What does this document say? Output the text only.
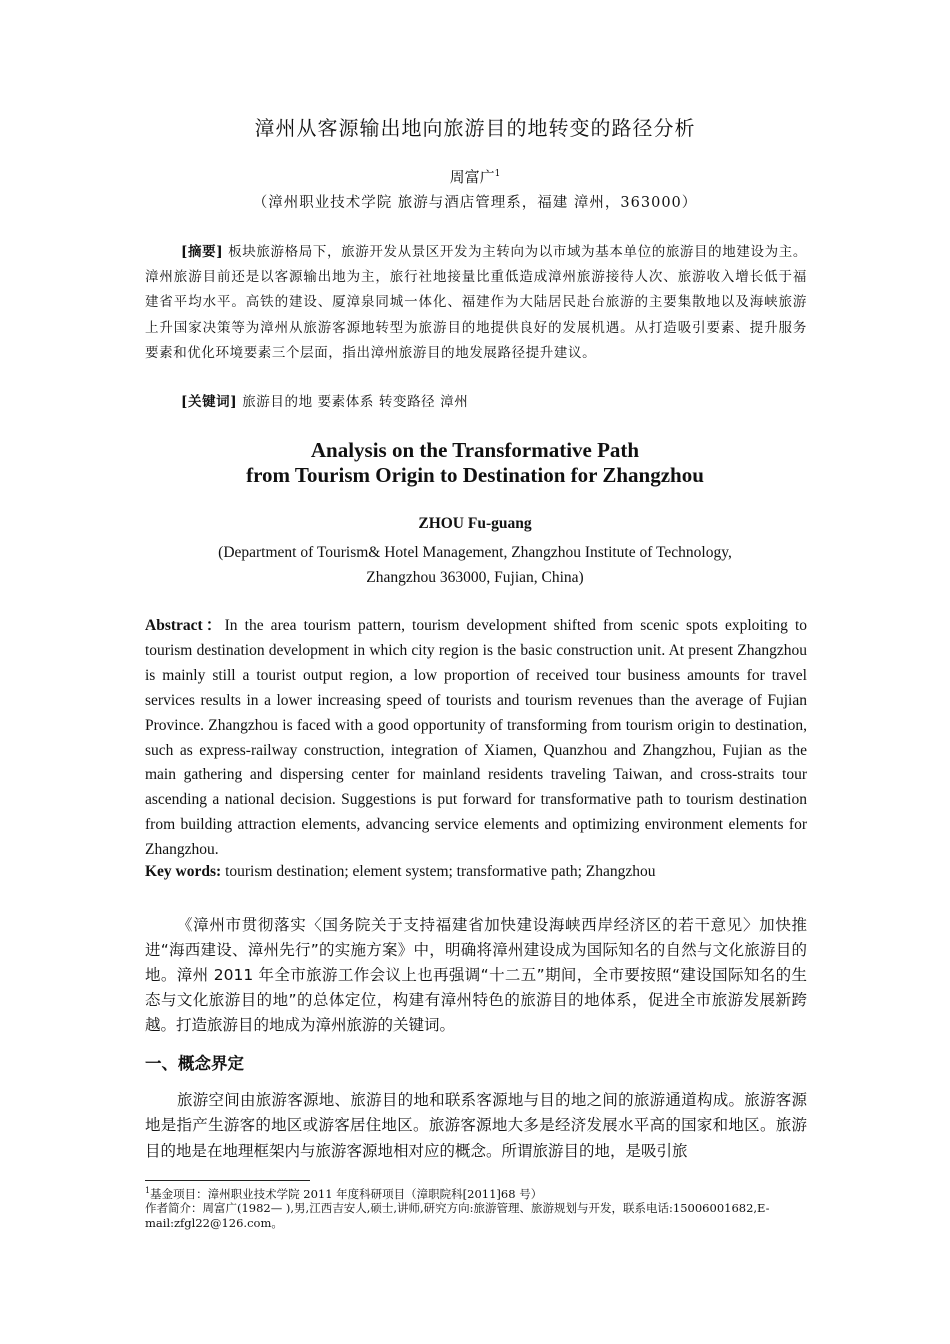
漳州从客源输出地向旅游目的地转变的路径分析
周富广$^1$
（漳州职业技术学院 旅游与酒店管理系，福建 漳州，363000）
[摘要] 板块旅游格局下，旅游开发从景区开发为主转向为以市域为基本单位的旅游目的地建设为主。漳州旅游目前还是以客源输出地为主，旅行社地接量比重低造成漳州旅游接待人次、旅游收入增长低于福建省平均水平。高铁的建设、厦漳泉同城一体化、福建作为大陆居民赴台旅游的主要集散地以及海峡旅游上升国家决策等为漳州从旅游客源地转型为旅游目的地提供良好的发展机遇。从打造吸引要素、提升服务要素和优化环境要素三个层面，指出漳州旅游目的地发展路径提升建议。
[关键词] 旅游目的地 要素体系 转变路径 漳州
Analysis on the Transformative Path
from Tourism Origin to Destination for Zhangzhou
ZHOU Fu-guang
(Department of Tourism& Hotel Management, Zhangzhou Institute of Technology,
Zhangzhou 363000, Fujian, China)
Abstract：In the area tourism pattern, tourism development shifted from scenic spots exploiting to tourism destination development in which city region is the basic construction unit. At present Zhangzhou is mainly still a tourist output region, a low proportion of received tour business amounts for travel services results in a lower increasing speed of tourists and tourism revenues than the average of Fujian Province. Zhangzhou is faced with a good opportunity of transforming from tourism origin to destination, such as express-railway construction, integration of Xiamen, Quanzhou and Zhangzhou, Fujian as the main gathering and dispersing center for mainland residents traveling Taiwan, and cross-straits tour ascending a national decision. Suggestions is put forward for transformative path to tourism destination from building attraction elements, advancing service elements and optimizing environment elements for Zhangzhou.
Key words: tourism destination; element system; transformative path; Zhangzhou
《漳州市贯彻落实〈国务院关于支持福建省加快建设海峡西岸经济区的若干意见〉加快推进“海西建设、漳州先行”的实施方案》中，明确将漳州建设成为国际知名的自然与文化旅游目的地。漳州 2011 年全市旅游工作会议上也再强调“十二五”期间，全市要按照“建设国际知名的生态与文化旅游目的地”的总体定位，构建有漳州特色的旅游目的地体系，促进全市旅游发展新跨越。打造旅游目的地成为漳州旅游的关键词。
一、概念界定
旅游空间由旅游客源地、旅游目的地和联系客源地与目的地之间的旅游通道构成。旅游客源地是指产生游客的地区或游客居住地区。旅游客源地大多是经济发展水平高的国家和地区。旅游目的地是在地理框架内与旅游客源地相对应的概念。所谓旅游目的地，是吸引旅
$^1$基金项目：漳州职业技术学院 2011 年度科研项目（漳职院科[2011]68 号）
作者简介：周富广(1982— ),男,江西吉安人,硕士,讲师,研究方向:旅游管理、旅游规划与开发，联系电话:15006001682,E-mail:zfgl22@126.com。
